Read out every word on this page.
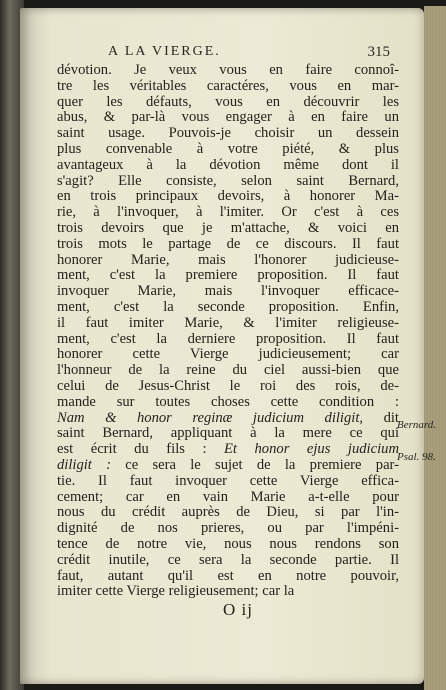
A LA VIERGE.	315
dévotion. Je veux vous en faire connoî-
tre les véritables caractéres, vous en mar-
quer les défauts, vous en découvrir les
abus, & par-là vous engager à en faire un
saint usage. Pouvois-je choisir un dessein
plus convenable à votre piété, & plus
avantageux à la dévotion même dont il
s'agit? Elle consiste, selon saint Bernard,
en trois principaux devoirs, à honorer Ma-
rie, à l'invoquer, à l'imiter. Or c'est à ces
trois devoirs que je m'attache, & voici en
trois mots le partage de ce discours. Il faut
honorer Marie, mais l'honorer judicieuse-
ment, c'est la premiere proposition. Il faut
invoquer Marie, mais l'invoquer efficace-
ment, c'est la seconde proposition. Enfin,
il faut imiter Marie, & l'imiter religieuse-
ment, c'est la derniere proposition. Il faut
honorer cette Vierge judicieusement; car
l'honneur de la reine du ciel aussi-bien que
celui de Jesus-Christ le roi des rois, de-
mande sur toutes choses cette condition :
Nam & honor reginæ judicium diligit, dit
saint Bernard, appliquant à la mere ce qui
est écrit du fils : Et honor ejus judicium
diligit : ce sera le sujet de la premiere par-
tie. Il faut invoquer cette Vierge effica-
cement; car en vain Marie a-t-elle pour
nous du crédit auprès de Dieu, si par l'in-
dignité de nos prieres, ou par l'impéni-
tence de notre vie, nous nous rendons son
crédit inutile, ce sera la seconde partie. Il
faut, autant qu'il est en notre pouvoir,
imiter cette Vierge religieusement; car la
Bernard.
Psal. 98.
O ij
